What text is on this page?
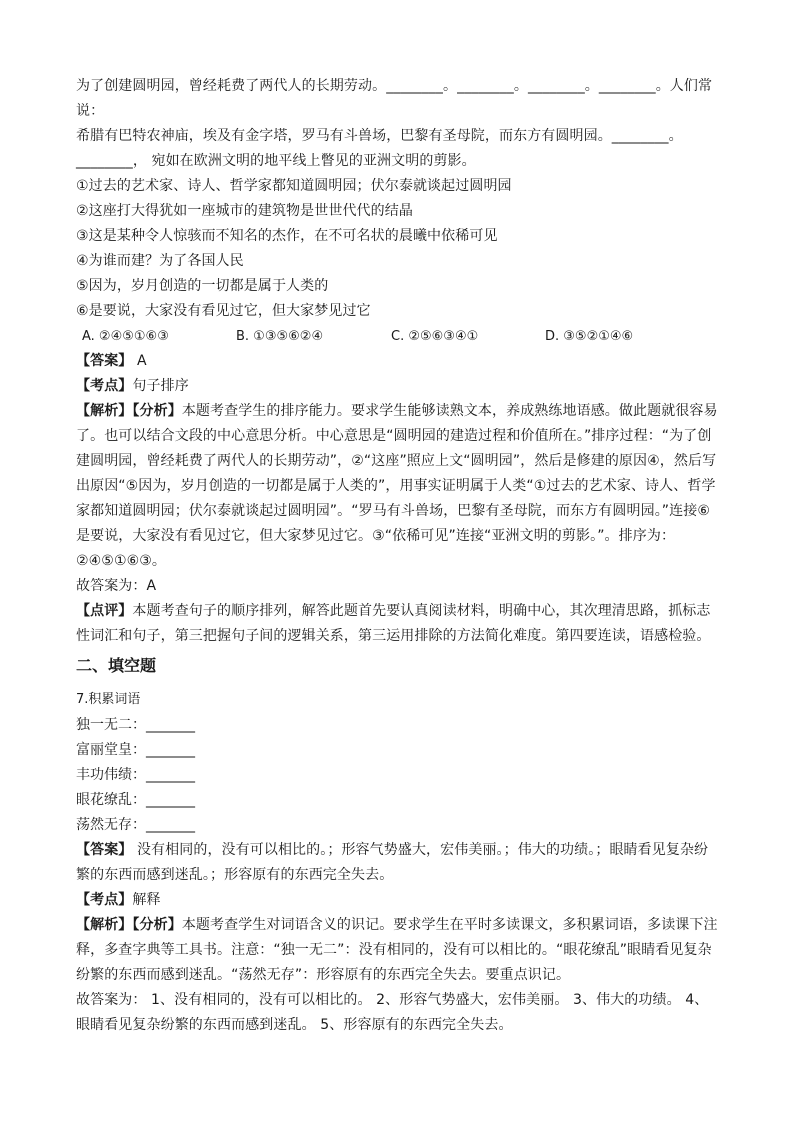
为了创建圆明园，曾经耗费了两代人的长期劳动。________。________。________。________。人们常说：

希腊有巴特农神庙，埃及有金字塔，罗马有斗兽场，巴黎有圣母院，而东方有圆明园。________。

________， 宛如在欧洲文明的地平线上瞥见的亚洲文明的剪影。

①过去的艺术家、诗人、哲学家都知道圆明园；伏尔泰就谈起过圆明园

②这座打大得犹如一座城市的建筑物是世世代代的结晶

③这是某种令人惊骇而不知名的杰作，在不可名状的晨曦中依稀可见

④为谁而建？为了各国人民

⑤因为，岁月创造的一切都是属于人类的

⑥是要说，大家没有看见过它，但大家梦见过它

A. ②④⑤①⑥③	B. ①③⑤⑥②④	C. ②⑤⑥③④①	D. ③⑤②①④⑥

【答案】 A

【考点】句子排序

【解析】【分析】本题考查学生的排序能力。要求学生能够读熟文本，养成熟练地语感。做此题就很容易了。也可以结合文段的中心意思分析。中心意思是“圆明园的建造过程和价值所在。”排序过程：“为了创建圆明园，曾经耗费了两代人的长期劳动”，②“这座”照应上文“圆明园”，然后是修建的原因④，然后写出原因“⑤因为，岁月创造的一切都是属于人类的”，用事实证明属于人类“①过去的艺术家、诗人、哲学家都知道圆明园；伏尔泰就谈起过圆明园”。“罗马有斗兽场，巴黎有圣母院，而东方有圆明园。”连接⑥是要说，大家没有看见过它，但大家梦见过它。③“依稀可见”连接“亚洲文明的剪影。”。排序为：②④⑤①⑥③。

故答案为：A

【点评】本题考查句子的顺序排列，解答此题首先要认真阅读材料，明确中心，其次理清思路，抓标志性词汇和句子，第三把握句子间的逻辑关系，第三运用排除的方法简化难度。第四要连读，语感检验。

二、填空题
7.积累词语
独一无二：_______
富丽堂皇：_______
丰功伟绩：_______
眼花缭乱：_______
荡然无存：_______

【答案】 没有相同的，没有可以相比的。；形容气势盛大，宏伟美丽。；伟大的功绩。；眼睛看见复杂纷繁的东西而感到迷乱。；形容原有的东西完全失去。

【考点】解释

【解析】【分析】本题考查学生对词语含义的识记。要求学生在平时多读课文，多积累词语，多读课下注释，多查字典等工具书。注意：“独一无二”：没有相同的，没有可以相比的。“眼花缭乱”眼睛看见复杂纷繁的东西而感到迷乱。“荡然无存”：形容原有的东西完全失去。要重点识记。

故答案为： 1、没有相同的，没有可以相比的。 2、形容气势盛大，宏伟美丽。 3、伟大的功绩。 4、眼睛看见复杂纷繁的东西而感到迷乱。 5、形容原有的东西完全失去。
